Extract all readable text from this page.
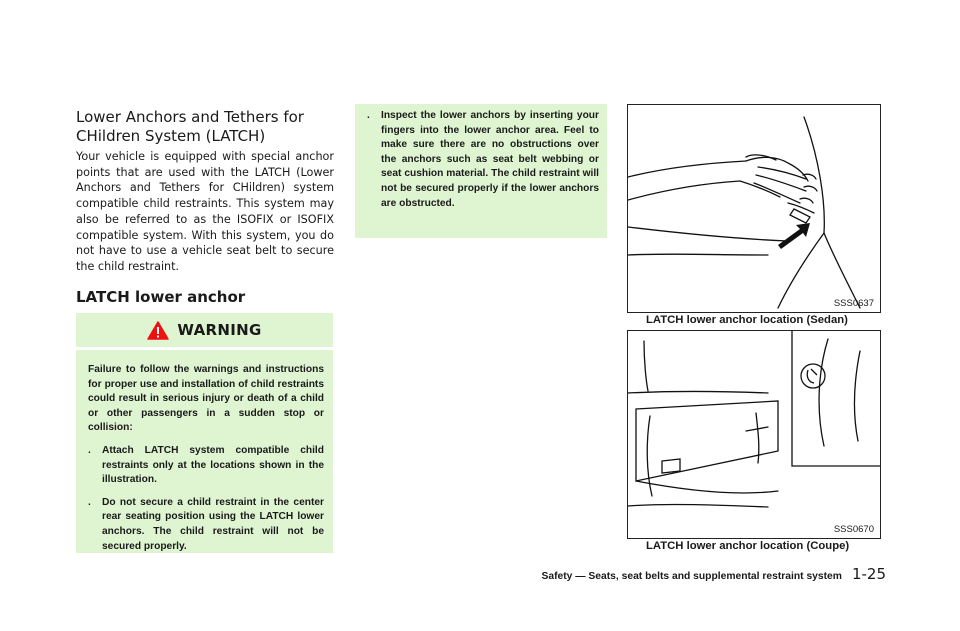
Lower Anchors and Tethers for CHildren System (LATCH)

Your vehicle is equipped with special anchor points that are used with the LATCH (Lower Anchors and Tethers for CHildren) system compatible child restraints. This system may also be referred to as the ISOFIX or ISOFIX compatible system. With this system, you do not have to use a vehicle seat belt to secure the child restraint.

LATCH lower anchor
WARNING

Failure to follow the warnings and instructions for proper use and installation of child restraints could result in serious injury or death of a child or other passengers in a sudden stop or collision:

.	Attach LATCH system compatible child restraints only at the locations shown in the illustration.
.	Do not secure a child restraint in the center rear seating position using the LATCH lower anchors. The child restraint will not be secured properly.
.	Inspect the lower anchors by inserting your fingers into the lower anchor area. Feel to make sure there are no obstructions over the anchors such as seat belt webbing or seat cushion material. The child restraint will not be secured properly if the lower anchors are obstructed.
SSS0637
LATCH lower anchor location (Sedan)
SSS0670
LATCH lower anchor location (Coupe)
Safety — Seats, seat belts and supplemental restraint system 1-25
